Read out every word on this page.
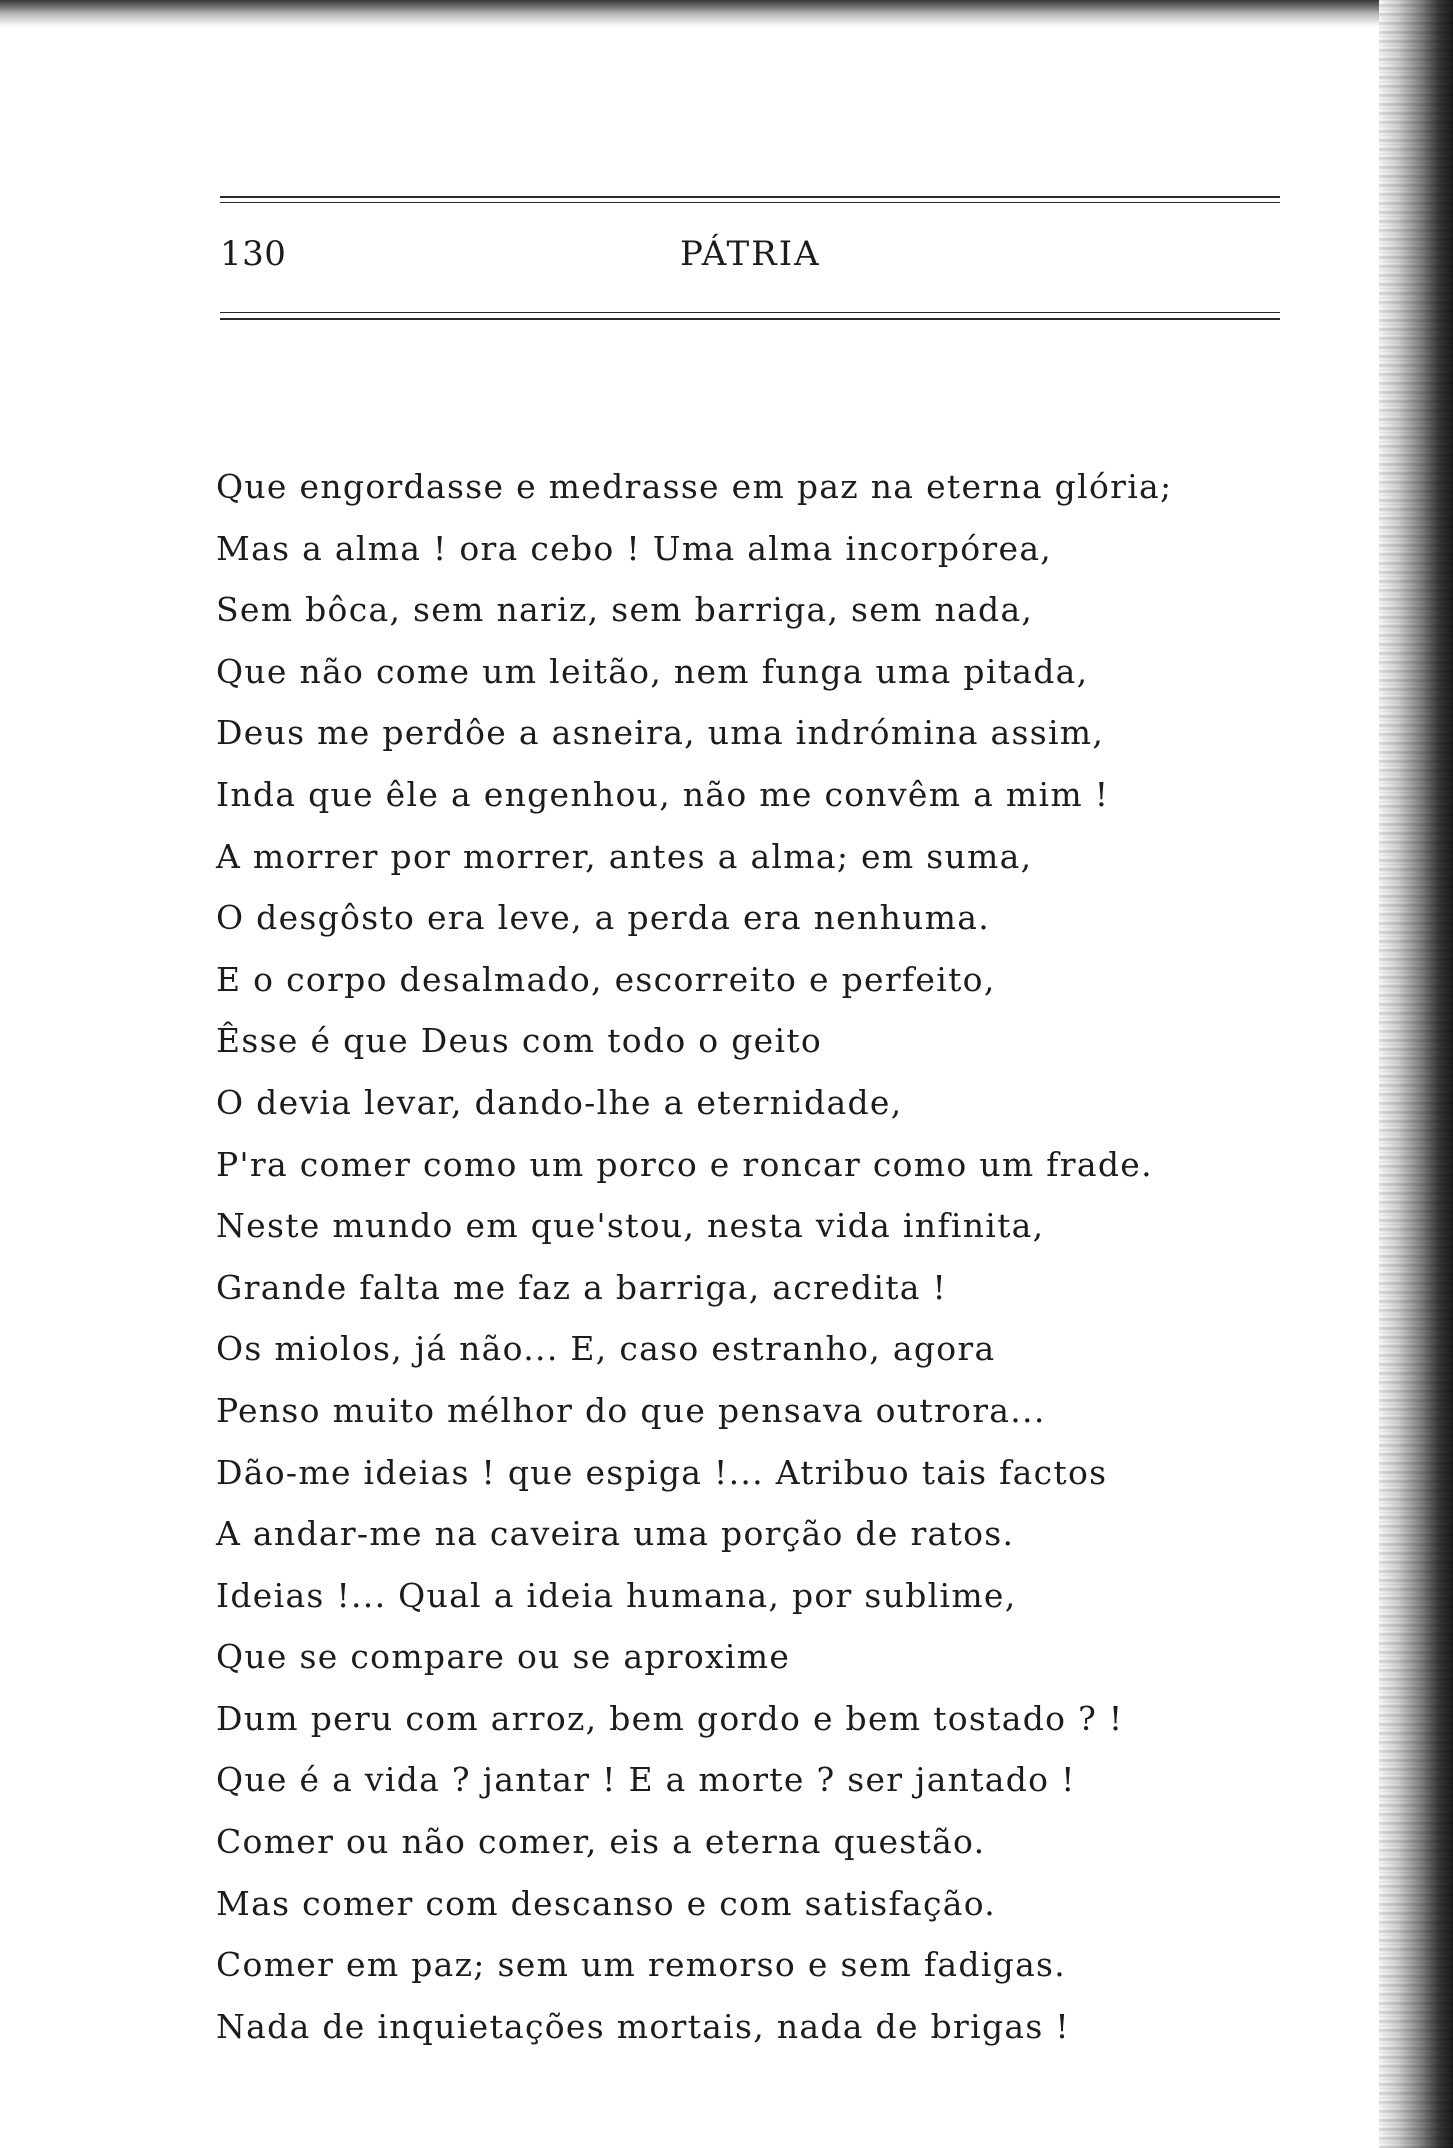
130	PÁTRIA
Que engordasse e medrasse em paz na eterna glória;
Mas a alma ! ora cebo ! Uma alma incorpórea,
Sem bôca, sem nariz, sem barriga, sem nada,
Que não come um leitão, nem funga uma pitada,
Deus me perdôe a asneira, uma indrómina assim,
Inda que êle a engenhou, não me convêm a mim !
A morrer por morrer, antes a alma; em suma,
O desgôsto era leve, a perda era nenhuma.
E o corpo desalmado, escorreito e perfeito,
Êsse é que Deus com todo o geito
O devia levar, dando-lhe a eternidade,
P'ra comer como um porco e roncar como um frade.
Neste mundo em que'stou, nesta vida infinita,
Grande falta me faz a barriga, acredita !
Os miolos, já não... E, caso estranho, agora
Penso muito mélhor do que pensava outrora...
Dão-me ideias ! que espiga !... Atribuo tais factos
A andar-me na caveira uma porção de ratos.
Ideias !... Qual a ideia humana, por sublime,
Que se compare ou se aproxime
Dum peru com arroz, bem gordo e bem tostado ? !
Que é a vida ? jantar ! E a morte ? ser jantado !
Comer ou não comer, eis a eterna questão.
Mas comer com descanso e com satisfação.
Comer em paz; sem um remorso e sem fadigas.
Nada de inquietações mortais, nada de brigas !
